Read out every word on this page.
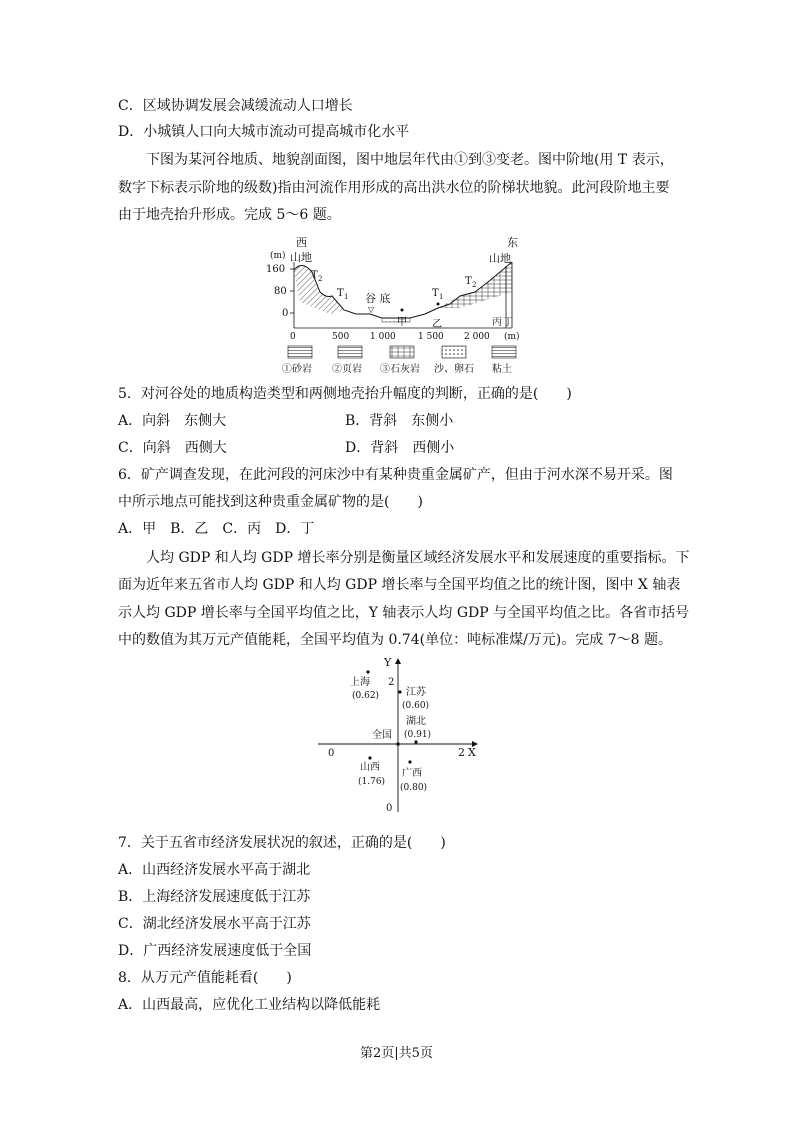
C．区域协调发展会减缓流动人口增长
D．小城镇人口向大城市流动可提高城市化水平
下图为某河谷地质、地貌剖面图，图中地层年代由①到③变老。图中阶地(用 T 表示，
数字下标表示阶地的级数)指由河流作用形成的高出洪水位的阶梯状地貌。此河段阶地主要
由于地壳抬升形成。完成 5～6 题。
西
山地
东
山地
(m)
160
80
0
0	500 1 000 1 500 2 000 (m)
T 2
T 1	T 1
T 2
谷 底
▽
甲	乙	丙 丁
①砂岩 ②页岩 ③石灰岩 沙、卵石 粘土
5．对河谷处的地质构造类型和两侧地壳抬升幅度的判断，正确的是(　　)
A．向斜　东侧大	B．背斜　东侧小
C．向斜　西侧大	D．背斜　西侧小
6．矿产调查发现，在此河段的河床沙中有某种贵重金属矿产，但由于河水深不易开采。图
中所示地点可能找到这种贵重金属矿物的是(　　)
A．甲　B．乙　C．丙　D．丁
人均 GDP 和人均 GDP 增长率分别是衡量区域经济发展水平和发展速度的重要指标。下
面为近年来五省市人均 GDP 和人均 GDP 增长率与全国平均值之比的统计图，图中 X 轴表
示人均 GDP 增长率与全国平均值之比，Y 轴表示人均 GDP 与全国平均值之比。各省市括号
中的数值为其万元产值能耗，全国平均值为 0.74(单位：吨标准煤/万元)。完成 7～8 题。
X
2
Y
2
0
0
全国
上海
(0.62)	江苏
(0.60)
湖北
(0.91)
山西
(1.76)
广西
(0.80)
7．关于五省市经济发展状况的叙述，正确的是(　　)
A．山西经济发展水平高于湖北
B．上海经济发展速度低于江苏
C．湖北经济发展水平高于江苏
D．广西经济发展速度低于全国
8．从万元产值能耗看(　　)
A．山西最高，应优化工业结构以降低能耗
第2页|共5页
